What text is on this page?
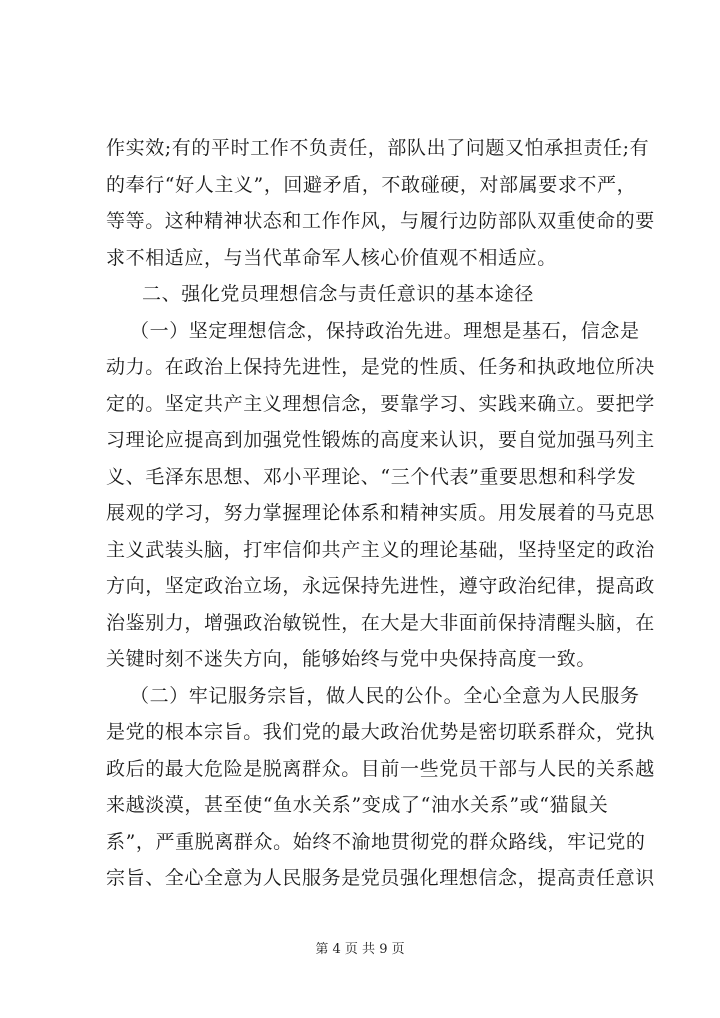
作实效;有的平时工作不负责任，部队出了问题又怕承担责任;有
的奉行“好人主义”，回避矛盾，不敢碰硬，对部属要求不严，
等等。这种精神状态和工作作风，与履行边防部队双重使命的要
求不相适应，与当代革命军人核心价值观不相适应。
二、强化党员理想信念与责任意识的基本途径
（一）坚定理想信念，保持政治先进。理想是基石，信念是
动力。在政治上保持先进性，是党的性质、任务和执政地位所决
定的。坚定共产主义理想信念，要靠学习、实践来确立。要把学
习理论应提高到加强党性锻炼的高度来认识，要自觉加强马列主
义、毛泽东思想、邓小平理论、“三个代表”重要思想和科学发
展观的学习，努力掌握理论体系和精神实质。用发展着的马克思
主义武装头脑，打牢信仰共产主义的理论基础，坚持坚定的政治
方向，坚定政治立场，永远保持先进性，遵守政治纪律，提高政
治鉴别力，增强政治敏锐性，在大是大非面前保持清醒头脑，在
关键时刻不迷失方向，能够始终与党中央保持高度一致。
（二）牢记服务宗旨，做人民的公仆。全心全意为人民服务
是党的根本宗旨。我们党的最大政治优势是密切联系群众，党执
政后的最大危险是脱离群众。目前一些党员干部与人民的关系越
来越淡漠，甚至使“鱼水关系”变成了“油水关系”或“猫鼠关
系”，严重脱离群众。始终不渝地贯彻党的群众路线，牢记党的
宗旨、全心全意为人民服务是党员强化理想信念，提高责任意识
第 4 页 共 9 页
